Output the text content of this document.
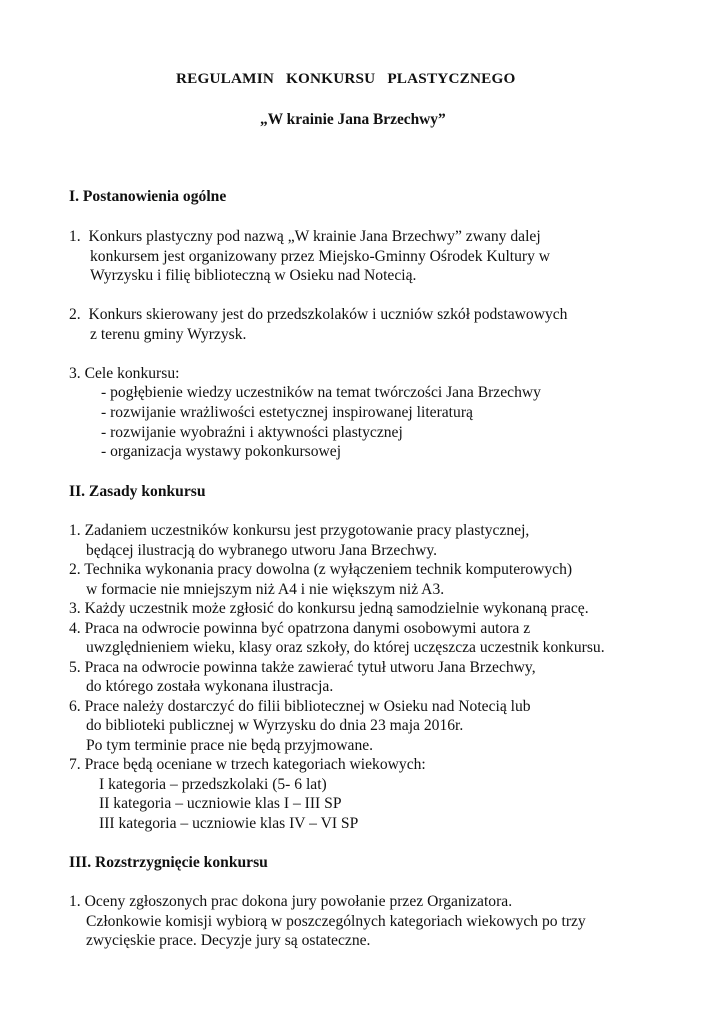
REGULAMIN   KONKURSU   PLASTYCZNEGO
„W krainie Jana Brzechwy”
I. Postanowienia ogólne
1.  Konkurs plastyczny pod nazwą „W krainie Jana Brzechwy” zwany dalej
konkursem jest organizowany przez Miejsko-Gminny Ośrodek Kultury w
Wyrzysku i filię biblioteczną w Osieku nad Notecią.
2.  Konkurs skierowany jest do przedszkolaków i uczniów szkół podstawowych
z terenu gminy Wyrzysk.
3. Cele konkursu:
- pogłębienie wiedzy uczestników na temat twórczości Jana Brzechwy
- rozwijanie wrażliwości estetycznej inspirowanej literaturą
- rozwijanie wyobraźni i aktywności plastycznej
- organizacja wystawy pokonkursowej
II. Zasady konkursu
1. Zadaniem uczestników konkursu jest przygotowanie pracy plastycznej,
będącej ilustracją do wybranego utworu Jana Brzechwy.
2. Technika wykonania pracy dowolna (z wyłączeniem technik komputerowych)
w formacie nie mniejszym niż A4 i nie większym niż A3.
3. Każdy uczestnik może zgłosić do konkursu jedną samodzielnie wykonaną pracę.
4. Praca na odwrocie powinna być opatrzona danymi osobowymi autora z
uwzględnieniem wieku, klasy oraz szkoły, do której uczęszcza uczestnik konkursu.
5. Praca na odwrocie powinna także zawierać tytuł utworu Jana Brzechwy,
do którego została wykonana ilustracja.
6. Prace należy dostarczyć do filii bibliotecznej w Osieku nad Notecią lub
do biblioteki publicznej w Wyrzysku do dnia 23 maja 2016r.
Po tym terminie prace nie będą przyjmowane.
7. Prace będą oceniane w trzech kategoriach wiekowych:
I kategoria – przedszkolaki (5- 6 lat)
II kategoria – uczniowie klas I – III SP
III kategoria – uczniowie klas IV – VI SP
III. Rozstrzygnięcie konkursu
1. Oceny zgłoszonych prac dokona jury powołanie przez Organizatora.
Członkowie komisji wybiorą w poszczególnych kategoriach wiekowych po trzy
zwycięskie prace. Decyzje jury są ostateczne.
